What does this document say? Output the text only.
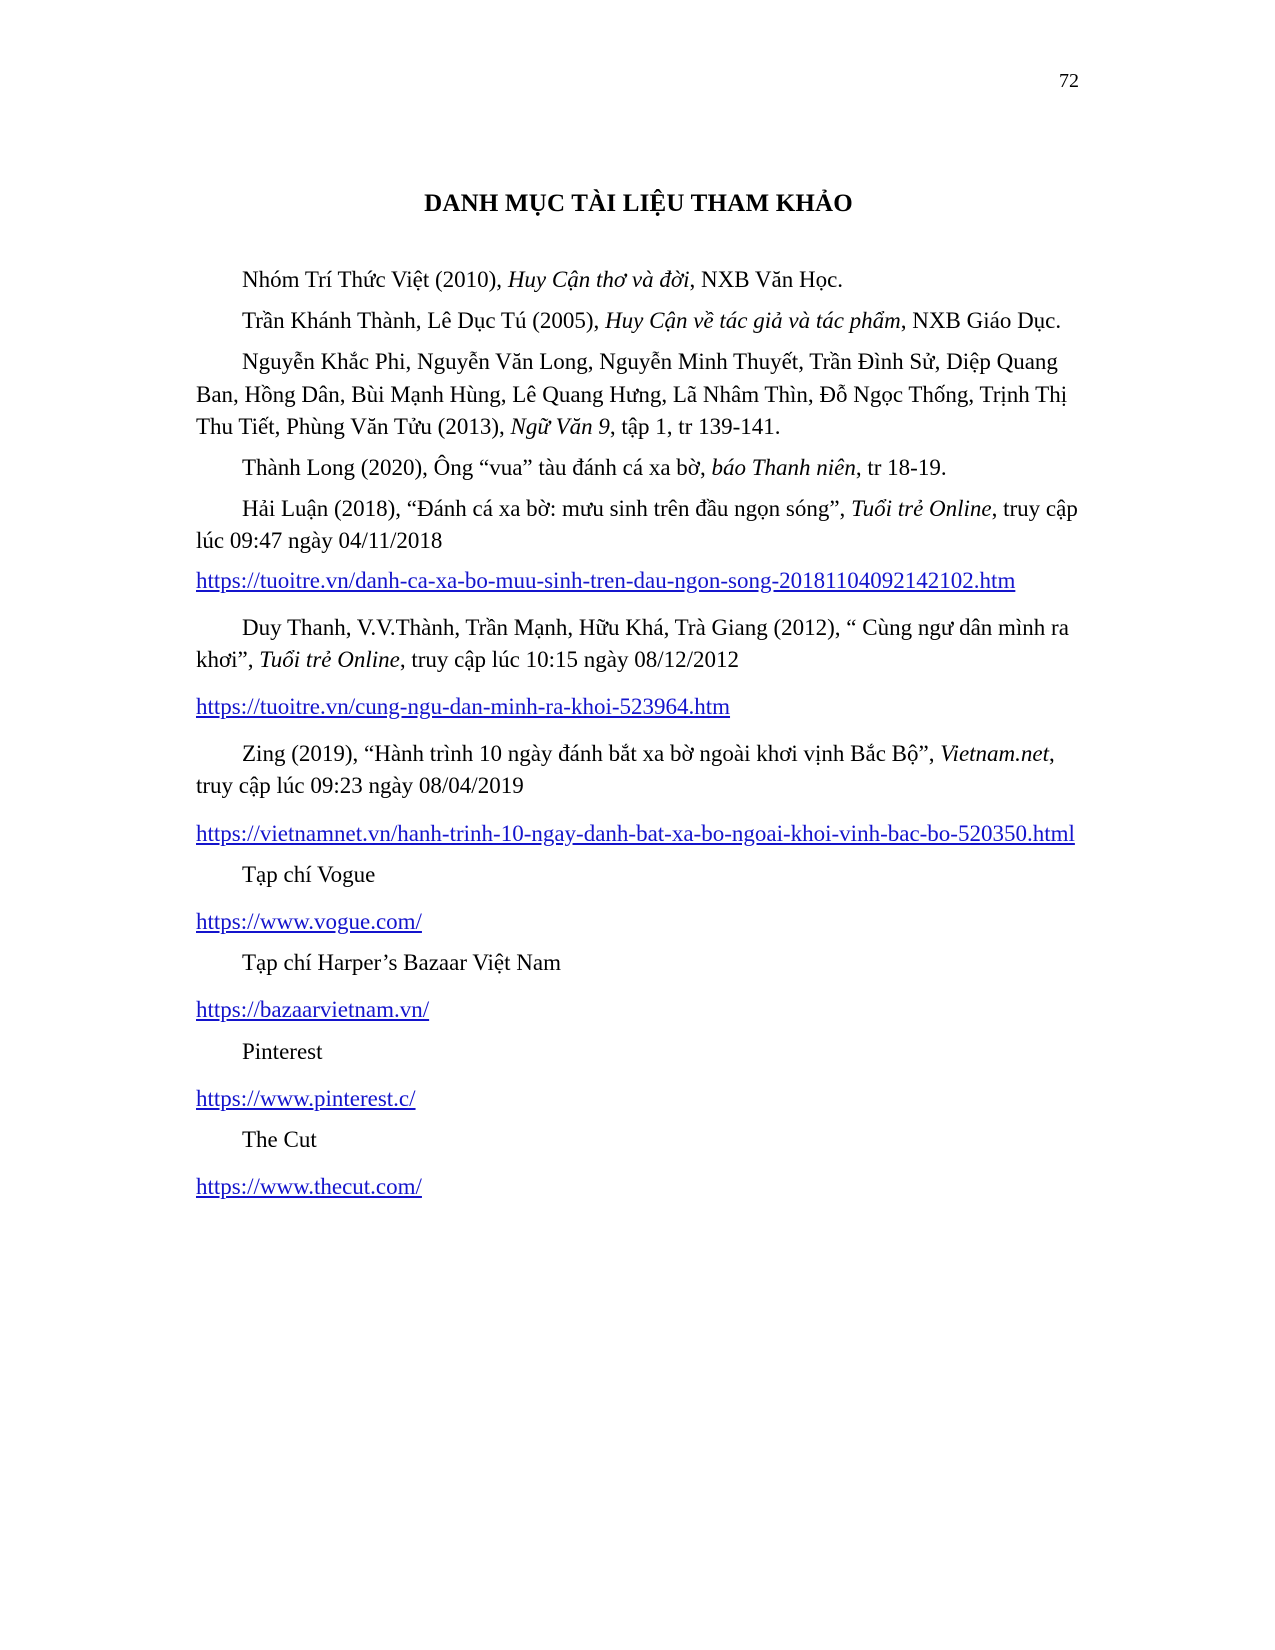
72
DANH MỤC TÀI LIỆU THAM KHẢO

Nhóm Trí Thức Việt (2010), Huy Cận thơ và đời, NXB Văn Học.

Trần Khánh Thành, Lê Dục Tú (2005), Huy Cận về tác giả và tác phẩm, NXB Giáo Dục.

Nguyễn Khắc Phi, Nguyễn Văn Long, Nguyễn Minh Thuyết, Trần Đình Sử, Diệp Quang Ban, Hồng Dân, Bùi Mạnh Hùng, Lê Quang Hưng, Lã Nhâm Thìn, Đỗ Ngọc Thống, Trịnh Thị Thu Tiết, Phùng Văn Tửu (2013), Ngữ Văn 9, tập 1, tr 139-141.

Thành Long (2020), Ông “vua” tàu đánh cá xa bờ, báo Thanh niên, tr 18-19.

Hải Luận (2018), “Đánh cá xa bờ: mưu sinh trên đầu ngọn sóng”, Tuổi trẻ Online, truy cập lúc 09:47 ngày 04/11/2018

https://tuoitre.vn/danh-ca-xa-bo-muu-sinh-tren-dau-ngon-song-20181104092142102.htm

Duy Thanh, V.V.Thành, Trần Mạnh, Hữu Khá, Trà Giang (2012), “ Cùng ngư dân mình ra khơi”, Tuổi trẻ Online, truy cập lúc 10:15 ngày 08/12/2012

https://tuoitre.vn/cung-ngu-dan-minh-ra-khoi-523964.htm

Zing (2019), “Hành trình 10 ngày đánh bắt xa bờ ngoài khơi vịnh Bắc Bộ”, Vietnam.net, truy cập lúc 09:23 ngày 08/04/2019

https://vietnamnet.vn/hanh-trinh-10-ngay-danh-bat-xa-bo-ngoai-khoi-vinh-bac-bo-520350.html

Tạp chí Vogue

https://www.vogue.com/

Tạp chí Harper’s Bazaar Việt Nam

https://bazaarvietnam.vn/

Pinterest

https://www.pinterest.c/

The Cut

https://www.thecut.com/
